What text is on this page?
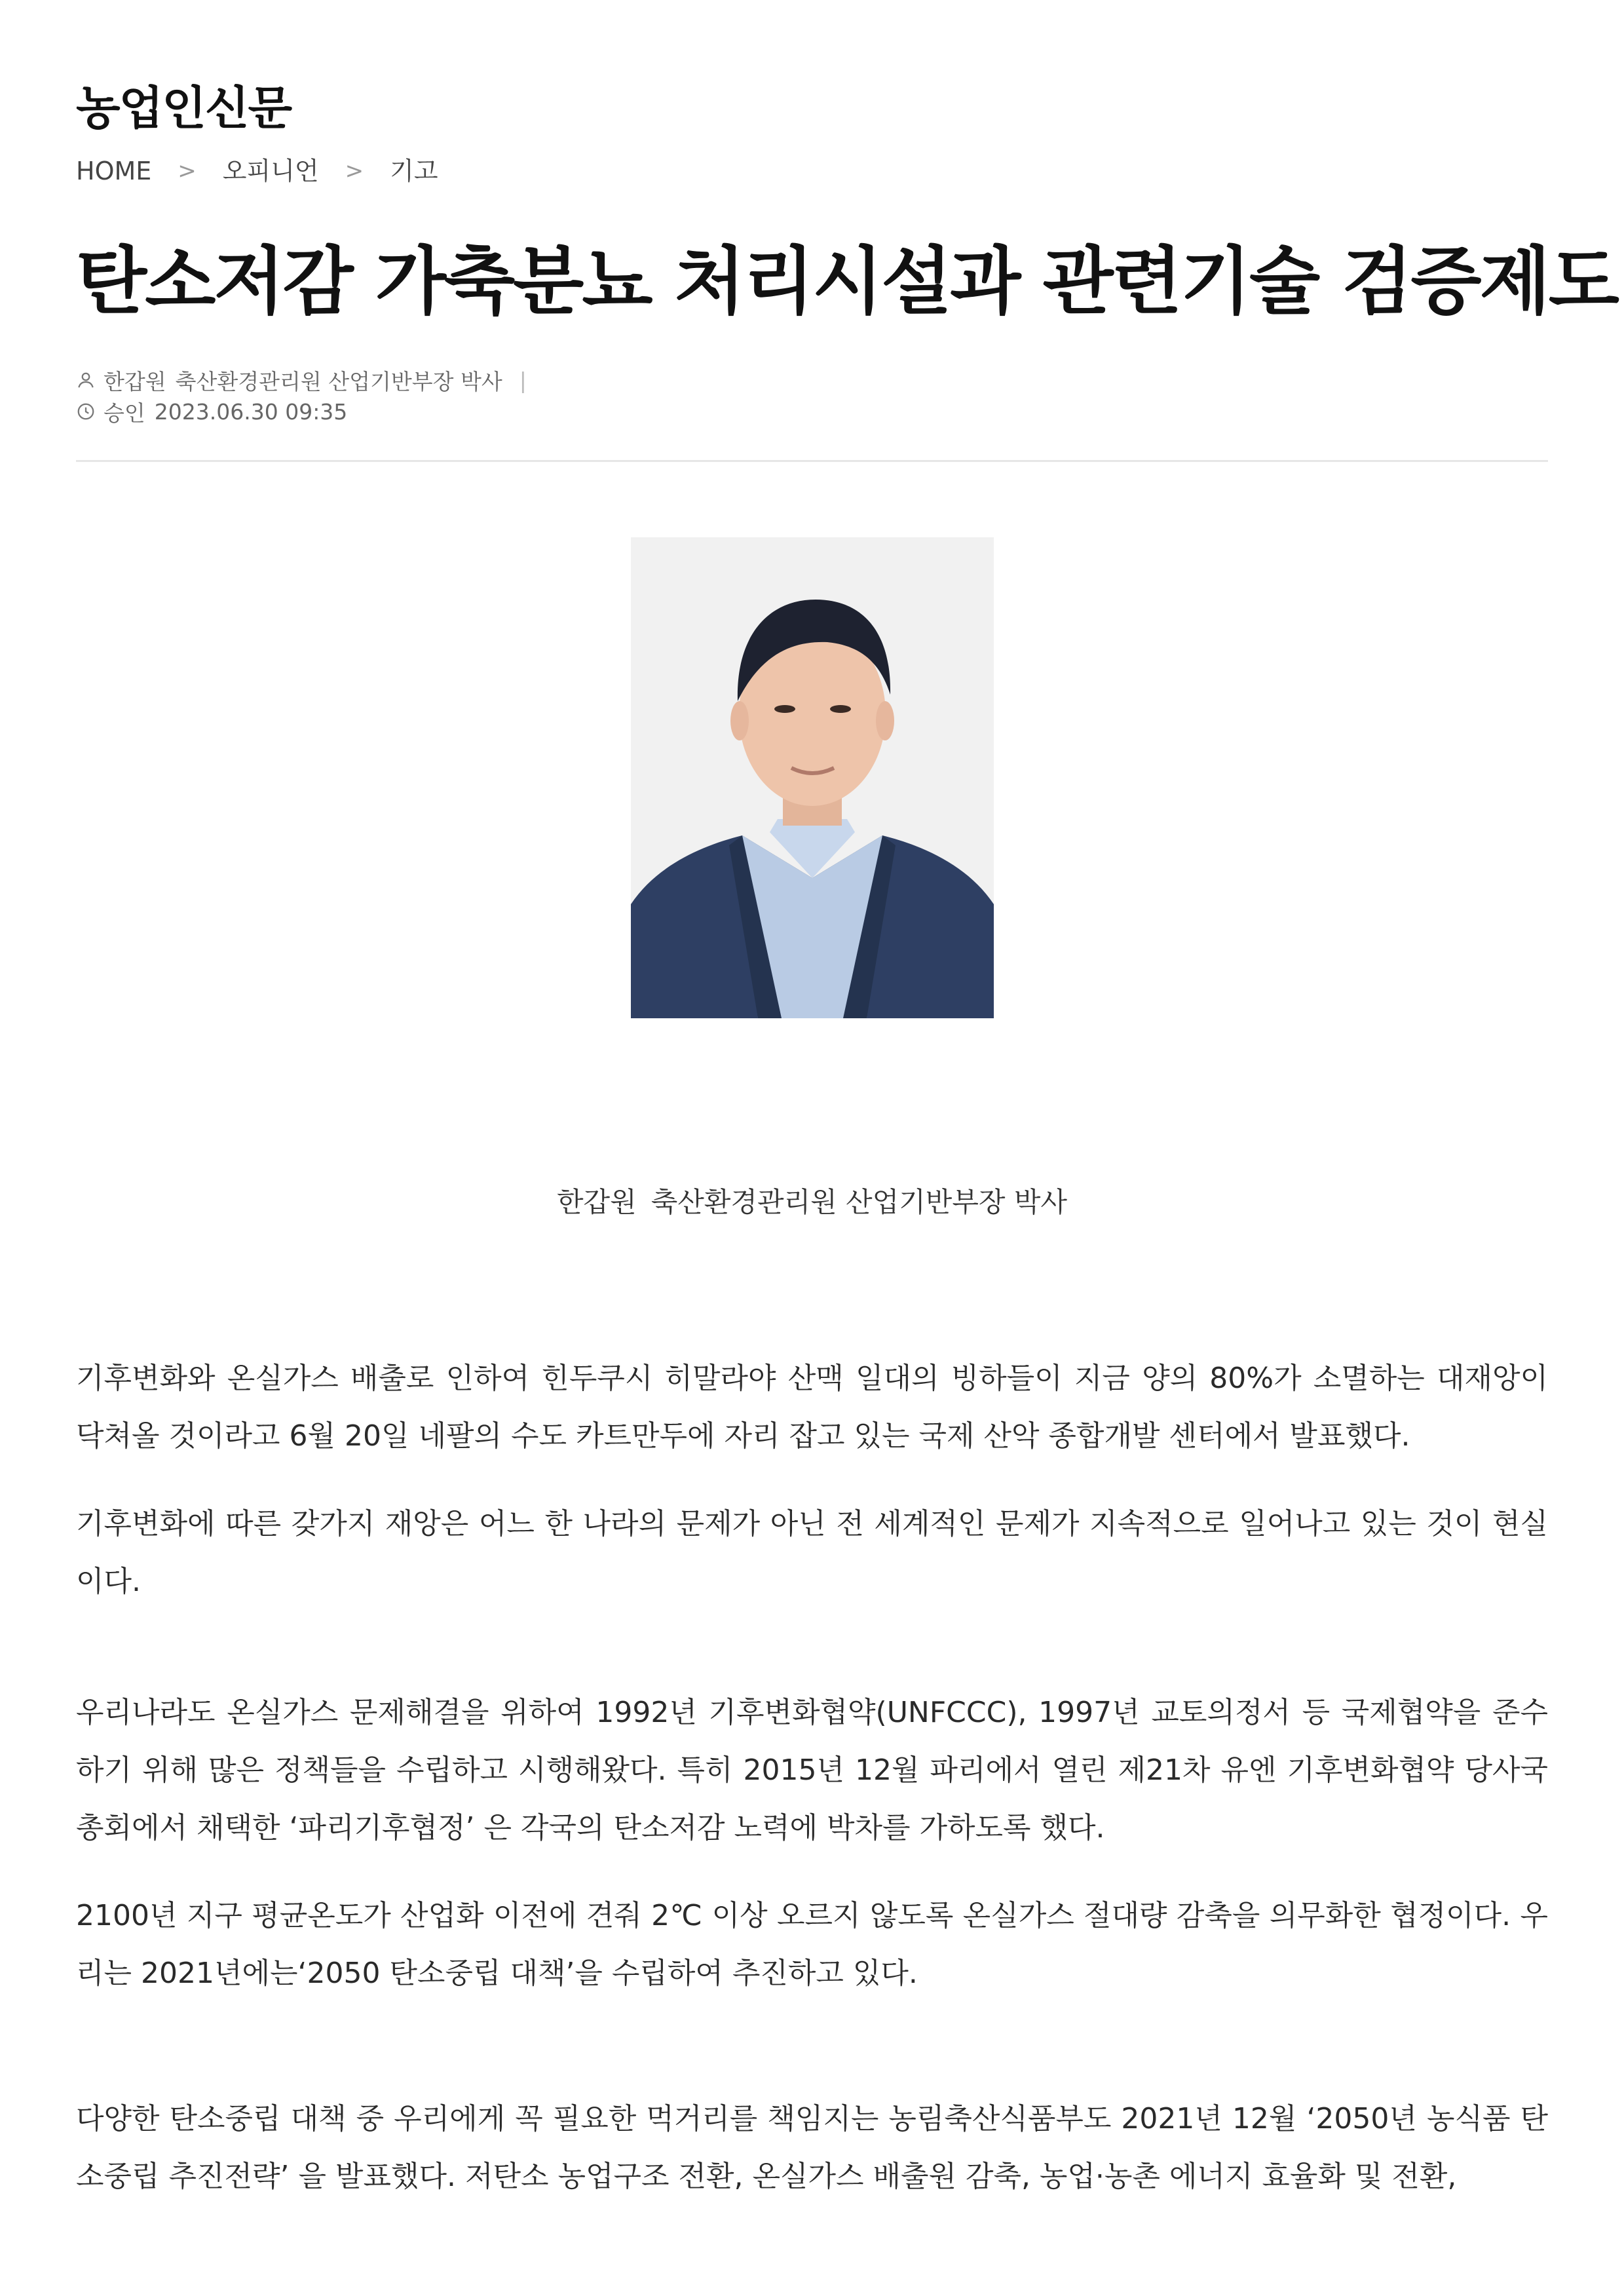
농업인신문
HOME > 오피니언 > 기고
탄소저감 가축분뇨 처리시설과 관련기술 검증제도
한갑원 축산환경관리원 산업기반부장 박사 |
승인 2023.06.30 09:35
한갑원 축산환경관리원 산업기반부장 박사

기후변화와 온실가스 배출로 인하여 힌두쿠시 히말라야 산맥 일대의 빙하들이 지금 양의 80%가 소멸하는 대재앙이 닥쳐올 것이라고 6월 20일 네팔의 수도 카트만두에 자리 잡고 있는 국제 산악 종합개발 센터에서 발표했다.

기후변화에 따른 갖가지 재앙은 어느 한 나라의 문제가 아닌 전 세계적인 문제가 지속적으로 일어나고 있는 것이 현실이다.

우리나라도 온실가스 문제해결을 위하여 1992년 기후변화협약(UNFCCC), 1997년 교토의정서 등 국제협약을 준수하기 위해 많은 정책들을 수립하고 시행해왔다. 특히 2015년 12월 파리에서 열린 제21차 유엔 기후변화협약 당사국총회에서 채택한 ‘파리기후협정’ 은 각국의 탄소저감 노력에 박차를 가하도록 했다.

2100년 지구 평균온도가 산업화 이전에 견줘 2℃ 이상 오르지 않도록 온실가스 절대량 감축을 의무화한 협정이다. 우리는 2021년에는‘2050 탄소중립 대책’을 수립하여 추진하고 있다.

다양한 탄소중립 대책 중 우리에게 꼭 필요한 먹거리를 책임지는 농림축산식품부도 2021년 12월 ‘2050년 농식품 탄소중립 추진전략’ 을 발표했다. 저탄소 농업구조 전환, 온실가스 배출원 감축, 농업·농촌 에너지 효율화 및 전환,
